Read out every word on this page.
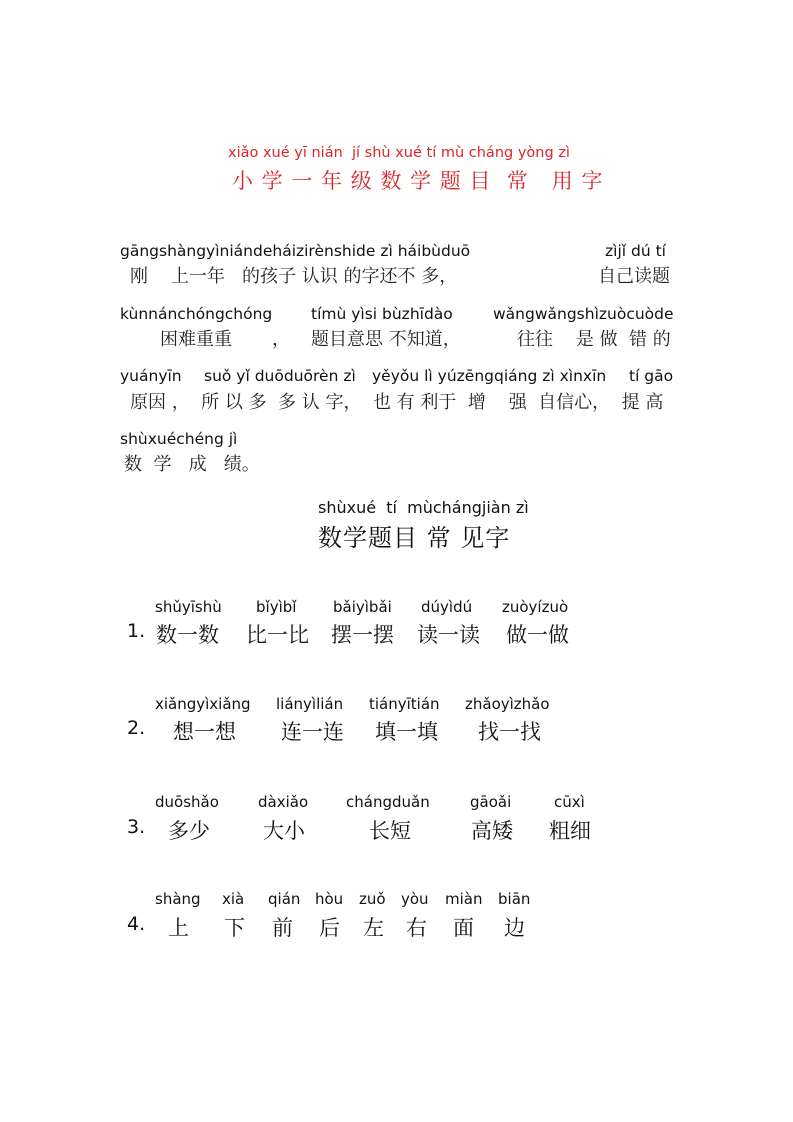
xiǎo xué yī nián  jí shù xué tí mù cháng yòng zì
小 学 一 年 级 数 学 题 目  常   用 字
gāngshàngyìniándeháizirènshide zì háibùduō	zìjǐ dú tí
刚    上一年   的孩子 认识 的字还不 多，	自己读题
kùnnánchóngchóng tímù yìsi bùzhīdào	wǎngwǎngshìzuòcuòde
困难重重       ， 题目意思 不知道，	往往    是 做  错 的
yuányīn suǒ yǐ duōduōrèn zì yěyǒu lì yúzēngqiáng zì xìnxīn tí gāo
原因 ，  所 以 多  多 认 字，  也 有 利于  增    强  自信心，  提 高
shùxuéchéng jì
数  学   成   绩。
shùxué  tí  mùchángjiàn zì
数学题目 常 见字
shǔyīshù bǐyìbǐ bǎiyìbǎi dúyìdú zuòyízuò
1. 数一数 比一比 摆一摆 读一读 做一做
xiǎngyìxiǎng liányìlián tiányītián zhǎoyìzhǎo
2. 想一想 连一连 填一填 找一找
duōshǎo	dàxiǎo	chángduǎn	gāoǎi	cūxì
3. 多少	大小	长短	高矮 粗细
shàng xià qián hòu zuǒ yòu miàn biān
4. 上 下 前 后 左 右 面 边
